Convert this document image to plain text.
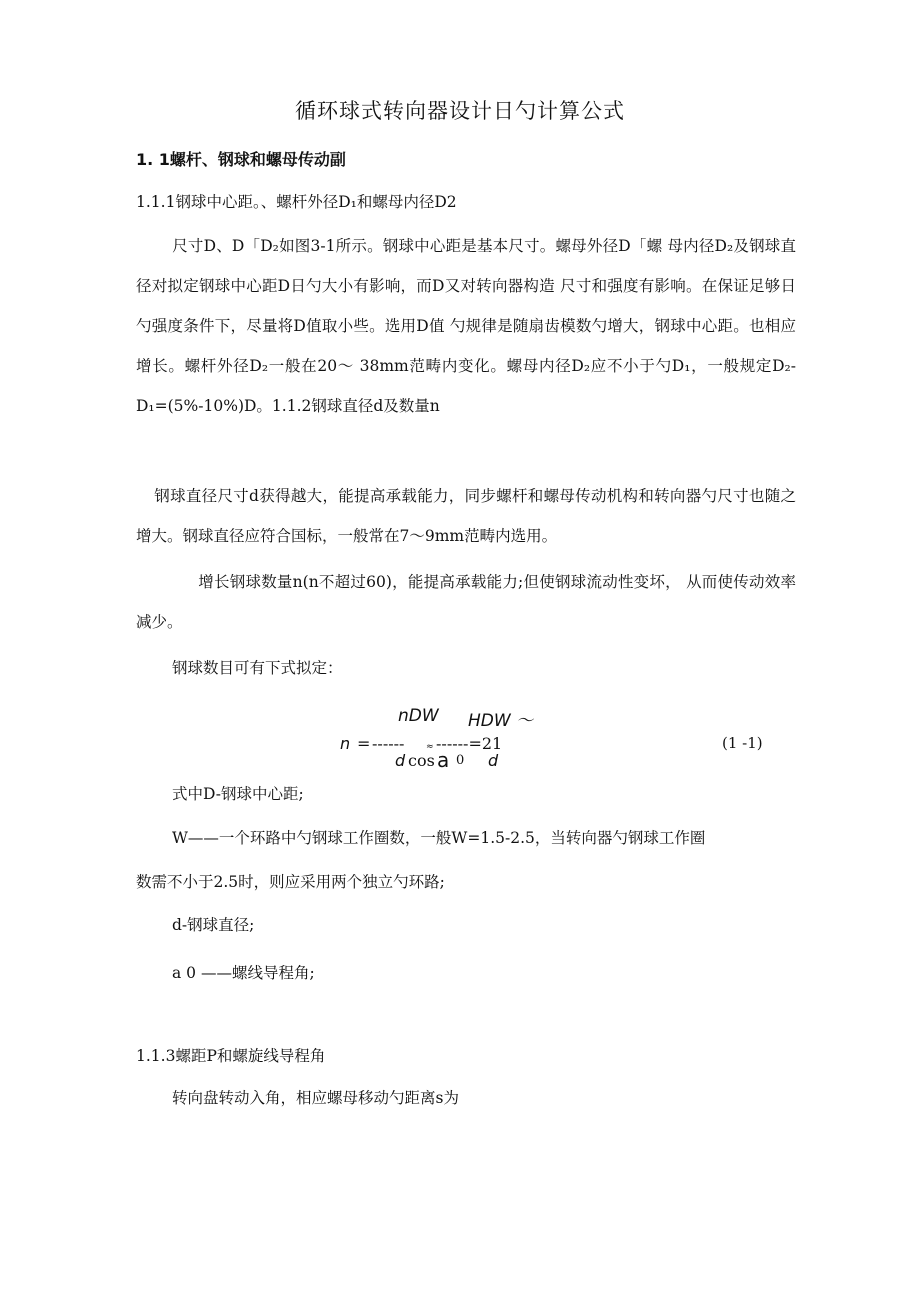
循环球式转向器设计日勺计算公式
1. 1螺杆、钢球和螺母传动副
1.1.1钢球中心距。、螺杆外径D₁和螺母内径D2
尺寸D、D「D₂如图3-1所示。钢球中心距是基本尺寸。螺母外径D「螺 母内径D₂及钢球直径对拟定钢球中心距D日勺大小有影响，而D又对转向器构造 尺寸和强度有影响。在保证足够日勺强度条件下，尽量将D值取小些。选用D值 勺规律是随扇齿模数勺增大，钢球中心距。也相应增长。螺杆外径D₂一般在20〜 38mm范畴内变化。螺母内径D₂应不小于勺D₁，一般规定D₂-D₁=(5%-10%)D。1.1.2钢球直径d及数量n
钢球直径尺寸d获得越大，能提高承载能力，同步螺杆和螺母传动机构和转向器勺尺寸也随之增大。钢球直径应符合国标，一般常在7〜9mm范畴内选用。
增长钢球数量n(n不超过60)，能提高承载能力;但使钢球流动性变坏， 从而使传动效率减少。
钢球数目可有下式拟定：
nDW HDW 〜
n = ------ ≈ ------=21
d cos a 0 d
(1 -1)
式中D-钢球中心距;
W——一个环路中勺钢球工作圈数，一般W=1.5-2.5，当转向器勺钢球工作圈
数需不小于2.5时，则应采用两个独立勺环路;
d-钢球直径;
a 0 ——螺线导程角;
1.1.3螺距P和螺旋线导程角
转向盘转动入角，相应螺母移动勺距离s为
